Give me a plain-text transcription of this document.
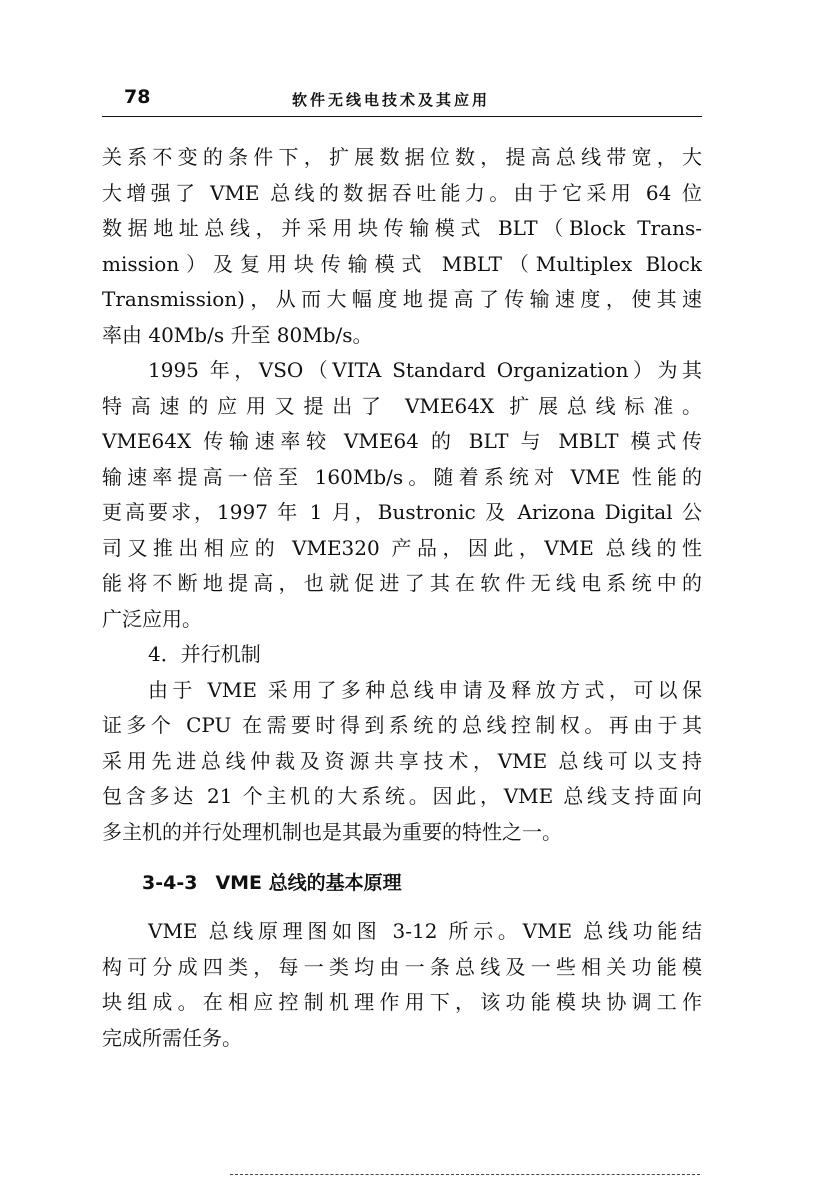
78	软件无线电技术及其应用
关系不变的条件下，扩展数据位数，提高总线带宽，大
大增强了 VME 总线的数据吞吐能力。由于它采用 64 位
数据地址总线，并采用块传输模式 BLT（Block Trans-
mission）及复用块传输模式 MBLT（Multiplex Block
Transmission)，从而大幅度地提高了传输速度，使其速
率由 40Mb/s 升至 80Mb/s。
1995 年，VSO（VITA Standard Organization）为其
特高速的应用又提出了 VME64X 扩展总线标准。
VME64X 传输速率较 VME64 的 BLT 与 MBLT 模式传
输速率提高一倍至 160Mb/s。随着系统对 VME 性能的
更高要求，1997 年 1 月，Bustronic 及 Arizona Digital 公
司又推出相应的 VME320 产品，因此，VME 总线的性
能将不断地提高，也就促进了其在软件无线电系统中的
广泛应用。
4．并行机制
由于 VME 采用了多种总线申请及释放方式，可以保
证多个 CPU 在需要时得到系统的总线控制权。再由于其
采用先进总线仲裁及资源共享技术，VME 总线可以支持
包含多达 21 个主机的大系统。因此，VME 总线支持面向
多主机的并行处理机制也是其最为重要的特性之一。
3-4-3 VME 总线的基本原理
VME 总线原理图如图 3-12 所示。VME 总线功能结
构可分成四类，每一类均由一条总线及一些相关功能模
块组成。在相应控制机理作用下，该功能模块协调工作
完成所需任务。
